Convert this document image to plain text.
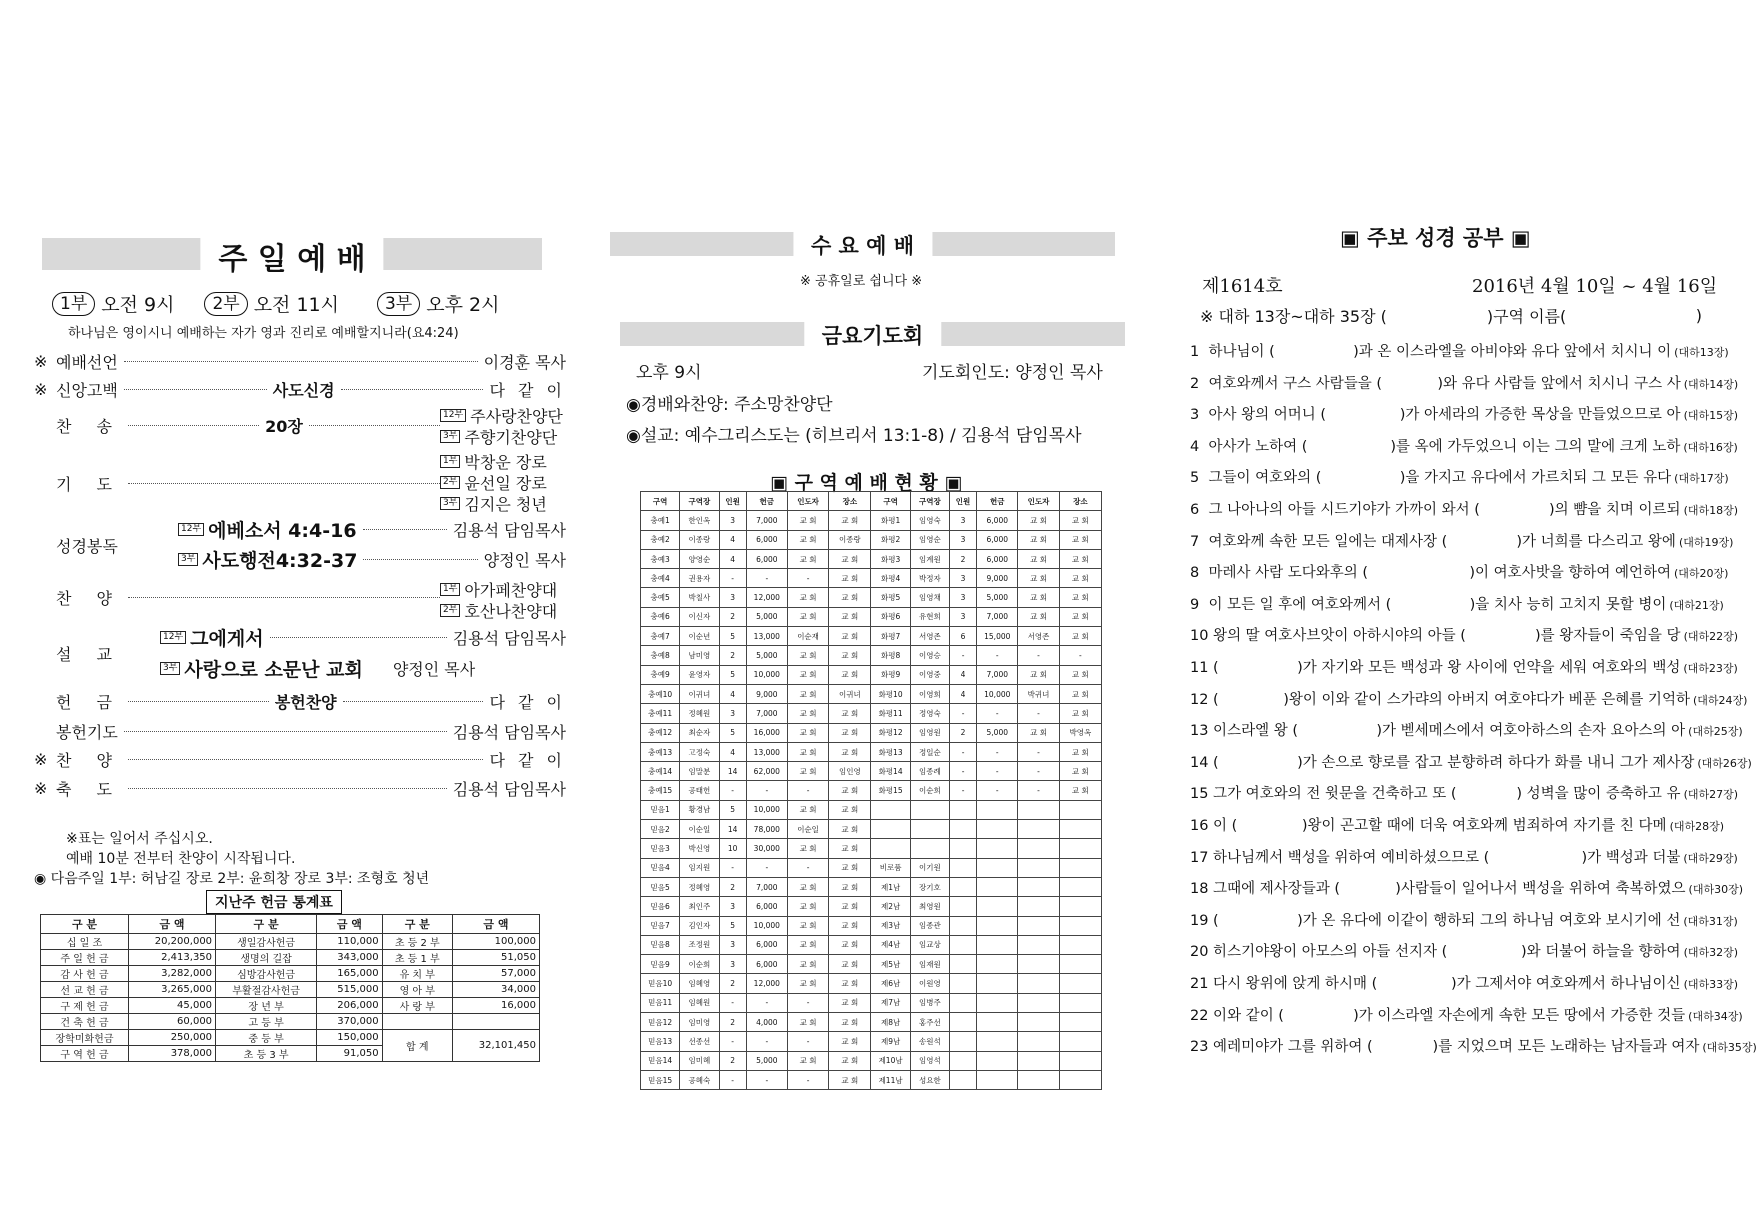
주 일 예 배
1부 오전 9시	2부 오전 11시	3부 오후 2시
하나님은 영이시니 예배하는 자가 영과 진리로 예배할지니라(요4:24)
※ 예배선언	이경훈 목사
※ 신앙고백	사도신경	다 같 이
찬 송	20장
12부 주사랑찬양단
3부 주향기찬양단
기 도
1부 박창운 장로
2부 윤선일 장로
3부 김지은 청년
성경봉독
12부 에베소서 4:4-16	김용석 담임목사
3부 사도행전4:32-37	양정인 목사
찬 양	1부 아가페찬양대
2부 호산나찬양대
설 교
12부 그에게서	김용석 담임목사
3부 사랑으로 소문난 교회 양정인 목사
헌 금	봉헌찬양	다 같 이
봉헌기도	김용석 담임목사
※ 찬 양	다 같 이
※ 축 도	김용석 담임목사
※표는 일어서 주십시오.
예배 10분 전부터 찬양이 시작됩니다.
◉ 다음주일 1부: 허남길 장로 2부: 윤희창 장로 3부: 조형호 청년
지난주 헌금 통계표
구 분	금 액	구 분	금 액	구 분	금 액
십 일 조	20,200,000	생일감사헌금	110,000	초 등 2 부	100,000
주 일 헌 금	2,413,350	생명의 길잡	343,000	초 등 1 부	51,050
감 사 헌 금	3,282,000	심방감사헌금	165,000	유 치 부	57,000
선 교 헌 금	3,265,000	부활절감사헌금	515,000	영 아 부	34,000
구 제 헌 금	45,000	장 년 부	206,000	사 랑 부	16,000
건 축 헌 금	60,000	고 등 부	370,000		
장학미화헌금	250,000	중 등 부	150,000	합 계	32,101,450
구 역 헌 금	378,000	초 등 3 부	91,050		
수 요 예 배
※ 공휴일로 쉽니다 ※
금요기도회
오후 9시	기도회인도: 양정인 목사
◉경배와찬양: 주소망찬양단
◉설교: 예수그리스도는 (히브리서 13:1-8) / 김용석 담임목사
▣ 구 역 예 배 현 황 ▣
구역	구역장	인원	헌금	인도자	장소	구역	구역장	인원	헌금	인도자	장소
충예1	한인옥	3	7,000	교 회	교 회	화평1	임영숙	3	6,000	교 회	교 회
충예2	이종랑	4	6,000	교 회	이종랑	화평2	임영순	3	6,000	교 회	교 회
충예3	양영순	4	6,000	교 회	교 회	화평3	임계원	2	6,000	교 회	교 회
충예4	권용자	-	-	-	교 회	화평4	박정자	3	9,000	교 회	교 회
충예5	박칠사	3	12,000	교 회	교 회	화평5	임영채	3	5,000	교 회	교 회
충예6	이신자	2	5,000	교 회	교 회	화평6	유현희	3	7,000	교 회	교 회
충예7	이순년	5	13,000	이순재	교 회	화평7	서영존	6	15,000	서영존	교 회
충예8	남미영	2	5,000	교 회	교 회	화평8	이영승	-	-	-	-
충예9	윤영자	5	10,000	교 회	교 회	화평9	이영중	4	7,000	교 회	교 회
충예10	이귀녀	4	9,000	교 회	이귀녀	화평10	이영희	4	10,000	박귀녀	교 회
충예11	정혜원	3	7,000	교 회	교 회	화평11	정영숙	-	-	-	교 회
충예12	최순자	5	16,000	교 회	교 회	화평12	임영원	2	5,000	교 회	박영옥
충예13	고정숙	4	13,000	교 회	교 회	화평13	정일순	-	-	-	교 회
충예14	임말분	14	62,000	교 회	임인영	화평14	임종례	-	-	-	교 회
충예15	공태헌	-	-	-	교 회	화평15	이순희	-	-	-	교 회
믿음1	황경남	5	10,000	교 회	교 회						
믿음2	이순일	14	78,000	이순일	교 회						
믿음3	박신영	10	30,000	교 회	교 회						
믿음4	임지원	-	-	-	교 회	비로품	이기원				
믿음5	정혜영	2	7,000	교 회	교 회	제1남	장기호				
믿음6	최인주	3	6,000	교 회	교 회	제2남	최영원				
믿음7	김인자	5	10,000	교 회	교 회	제3남	임종관				
믿음8	조정원	3	6,000	교 회	교 회	제4남	임교상				
믿음9	이순희	3	6,000	교 회	교 회	제5남	임재원				
믿음10	임혜영	2	12,000	교 회	교 회	제6남	이원영				
믿음11	임혜원	-	-	-	교 회	제7남	임병주				
믿음12	임미영	2	4,000	교 회	교 회	제8남	홍주선				
믿음13	선종선	-	-	-	교 회	제9남	송원석				
믿음14	임미혜	2	5,000	교 회	교 회	제10남	임영석				
믿음15	공혜숙	-	-	-	교 회	제11남	성요한				
▣ 주보 성경 공부 ▣
제1614호	2016년 4월 10일 ~ 4월 16일
※ 대하 13장~대하 35장 (	)구역 이름(	)
1  하나님이 (                 )과 온 이스라엘을 아비야와 유다 앞에서 치시니 이 (대하13장)
2  여호와께서 구스 사람들을 (            )와 유다 사람들 앞에서 치시니 구스 사 (대하14장)
3  아사 왕의 어머니 (                )가 아세라의 가증한 목상을 만들었으므로 아 (대하15장)
4  아사가 노하여 (                  )를 옥에 가두었으니 이는 그의 말에 크게 노하 (대하16장)
5  그들이 여호와의 (                 )을 가지고 유다에서 가르치되 그 모든 유다 (대하17장)
6  그 나아나의 아들 시드기야가 가까이 와서 (               )의 뺨을 치며 이르되 (대하18장)
7  여호와께 속한 모든 일에는 대제사장 (               )가 너희를 다스리고 왕에 (대하19장)
8  마레사 사람 도다와후의 (                      )이 여호사밧을 향하여 예언하여 (대하20장)
9  이 모든 일 후에 여호와께서 (                 )을 치사 능히 고치지 못할 병이 (대하21장)
10 왕의 딸 여호사브앗이 아하시야의 아들 (               )를 왕자들이 죽임을 당 (대하22장)
11 (                 )가 자기와 모든 백성과 왕 사이에 언약을 세워 여호와의 백성 (대하23장)
12 (              )왕이 이와 같이 스가랴의 아버지 여호야다가 베푼 은혜를 기억하 (대하24장)
13 이스라엘 왕 (                 )가 벧세메스에서 여호아하스의 손자 요아스의 아 (대하25장)
14 (                 )가 손으로 향로를 잡고 분향하려 하다가 화를 내니 그가 제사장 (대하26장)
15 그가 여호와의 전 윗문을 건축하고 또 (             ) 성벽을 많이 증축하고 유 (대하27장)
16 이 (              )왕이 곤고할 때에 더욱 여호와께 범죄하여 자기를 친 다메 (대하28장)
17 하나님께서 백성을 위하여 예비하셨으므로 (                    )가 백성과 더불 (대하29장)
18 그때에 제사장들과 (            )사람들이 일어나서 백성을 위하여 축복하였으 (대하30장)
19 (                 )가 온 유다에 이같이 행하되 그의 하나님 여호와 보시기에 선 (대하31장)
20 히스기야왕이 아모스의 아들 선지자 (                )와 더불어 하늘을 향하여 (대하32장)
21 다시 왕위에 앉게 하시매 (                )가 그제서야 여호와께서 하나님이신 (대하33장)
22 이와 같이 (               )가 이스라엘 자손에게 속한 모든 땅에서 가증한 것들 (대하34장)
23 예레미야가 그를 위하여 (             )를 지었으며 모든 노래하는 남자들과 여자 (대하35장)
